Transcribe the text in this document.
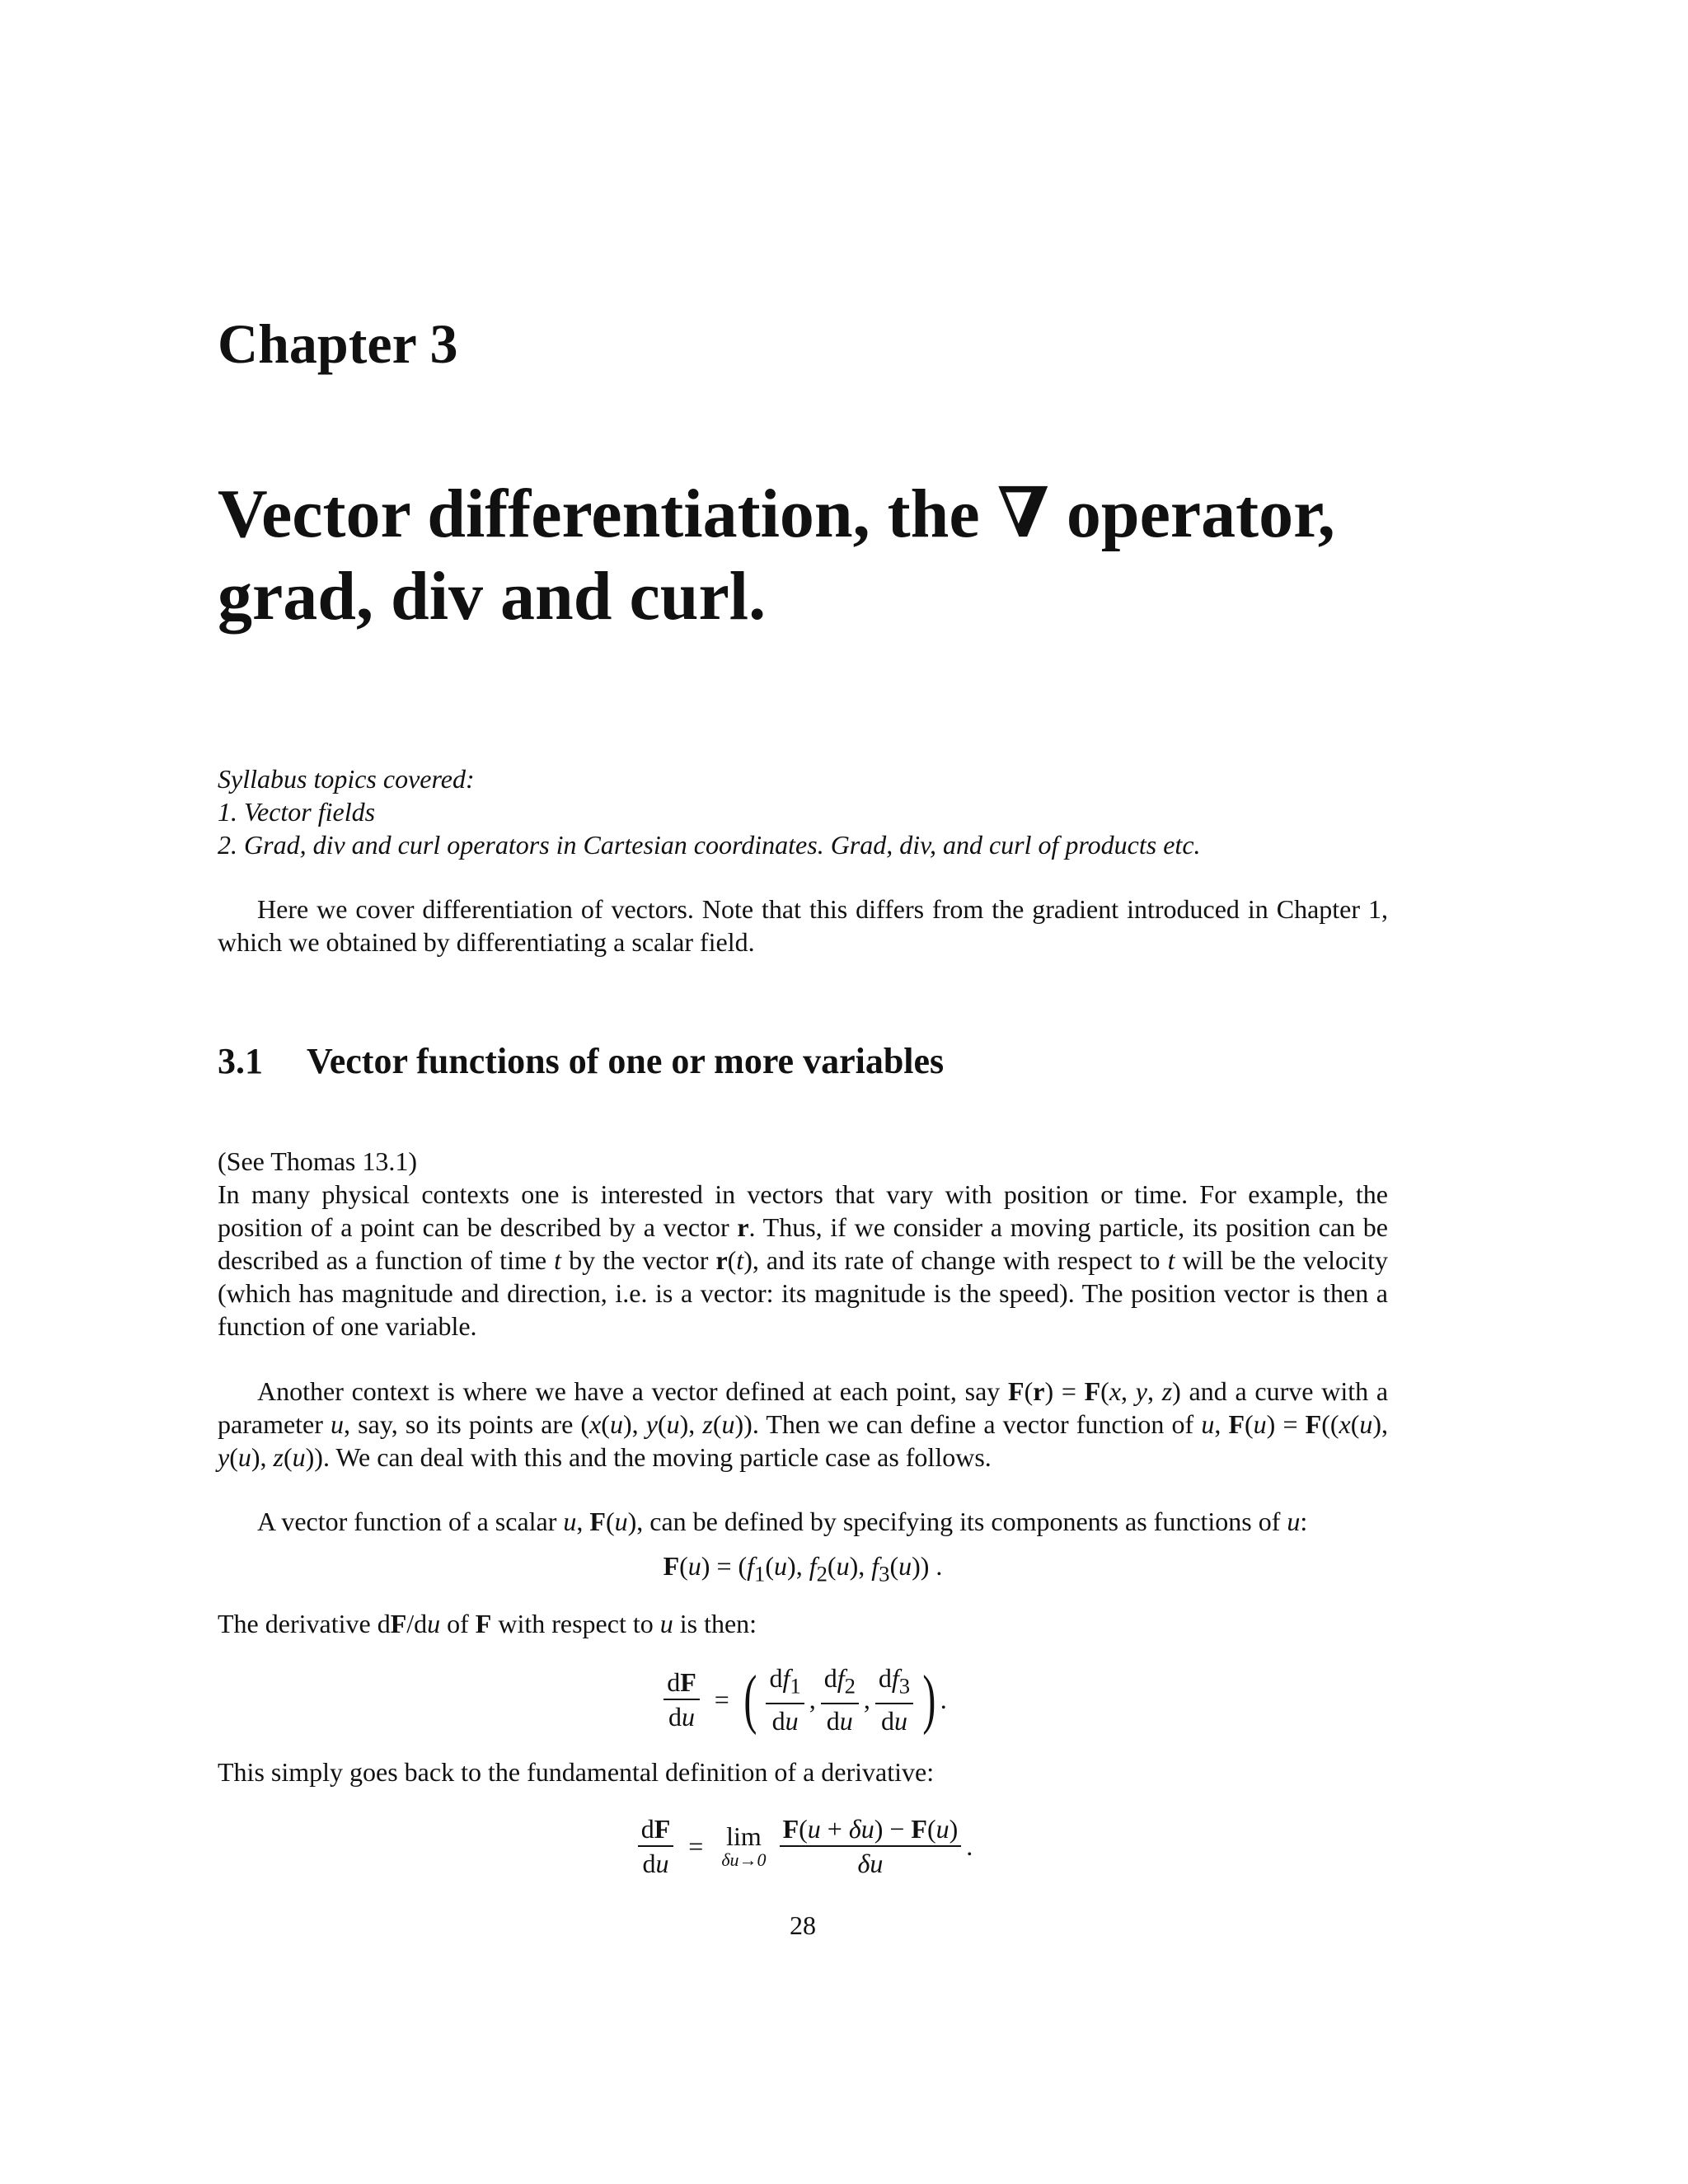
Chapter 3
Vector differentiation, the ∇ operator,
grad, div and curl.
Syllabus topics covered:
1. Vector fields
2. Grad, div and curl operators in Cartesian coordinates. Grad, div, and curl of products etc.

Here we cover differentiation of vectors. Note that this differs from the gradient introduced in Chapter 1, which we obtained by differentiating a scalar field.

3.1 Vector functions of one or more variables

(See Thomas 13.1)

In many physical contexts one is interested in vectors that vary with position or time. For example, the position of a point can be described by a vector r. Thus, if we consider a moving particle, its position can be described as a function of time t by the vector r(t), and its rate of change with respect to t will be the velocity (which has magnitude and direction, i.e. is a vector: its magnitude is the speed). The position vector is then a function of one variable.

Another context is where we have a vector defined at each point, say F(r) = F(x, y, z) and a curve with a parameter u, say, so its points are (x(u), y(u), z(u)). Then we can define a vector function of u, F(u) = F((x(u), y(u), z(u)). We can deal with this and the moving particle case as follows.

A vector function of a scalar u, F(u), can be defined by specifying its components as functions of u:

$F(u) = (f_1(u)$, $f_2(u)$, $f_3(u)$) .

The derivative dF/du of F with respect to u is then:

$\frac{dF}{du}$ = ( $\frac{df_1}{du}$ , $\frac{df_2}{du}$ , $\frac{df_3}{du}$ ) .

This simply goes back to the fundamental definition of a derivative:

$\frac{dF}{du} = \lim$
$\delta u\to 0 \frac{F(u + \delta u) - F(u)}{\delta u}$ .
28
